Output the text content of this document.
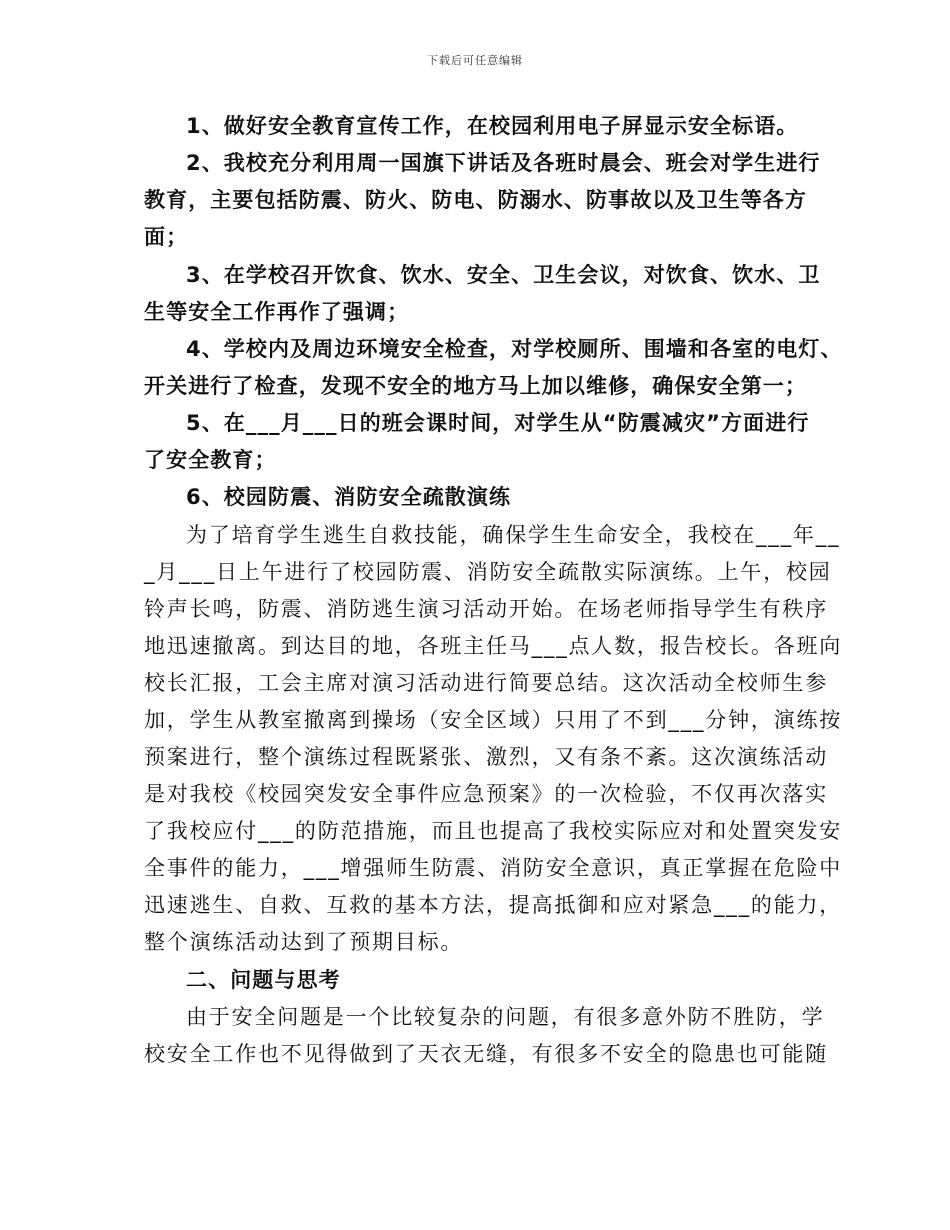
下载后可任意编辑
1、做好安全教育宣传工作，在校园利用电子屏显示安全标语。
2、我校充分利用周一国旗下讲话及各班时晨会、班会对学生进行
教育，主要包括防震、防火、防电、防溺水、防事故以及卫生等各方
面；
3、在学校召开饮食、饮水、安全、卫生会议，对饮食、饮水、卫
生等安全工作再作了强调；
4、学校内及周边环境安全检查，对学校厕所、围墙和各室的电灯、
开关进行了检查，发现不安全的地方马上加以维修，确保安全第一；
5、在___月___日的班会课时间，对学生从“防震减灾”方面进行
了安全教育；
6、校园防震、消防安全疏散演练
为了培育学生逃生自救技能，确保学生生命安全，我校在___年__
_月___日上午进行了校园防震、消防安全疏散实际演练。上午，校园
铃声长鸣，防震、消防逃生演习活动开始。在场老师指导学生有秩序
地迅速撤离。到达目的地，各班主任马___点人数，报告校长。各班向
校长汇报，工会主席对演习活动进行简要总结。这次活动全校师生参
加，学生从教室撤离到操场（安全区域）只用了不到___分钟，演练按
预案进行，整个演练过程既紧张、激烈，又有条不紊。这次演练活动
是对我校《校园突发安全事件应急预案》的一次检验，不仅再次落实
了我校应付___的防范措施，而且也提高了我校实际应对和处置突发安
全事件的能力，___增强师生防震、消防安全意识，真正掌握在危险中
迅速逃生、自救、互救的基本方法，提高抵御和应对紧急___的能力，
整个演练活动达到了预期目标。
二、问题与思考
由于安全问题是一个比较复杂的问题，有很多意外防不胜防，学
校安全工作也不见得做到了天衣无缝，有很多不安全的隐患也可能随
